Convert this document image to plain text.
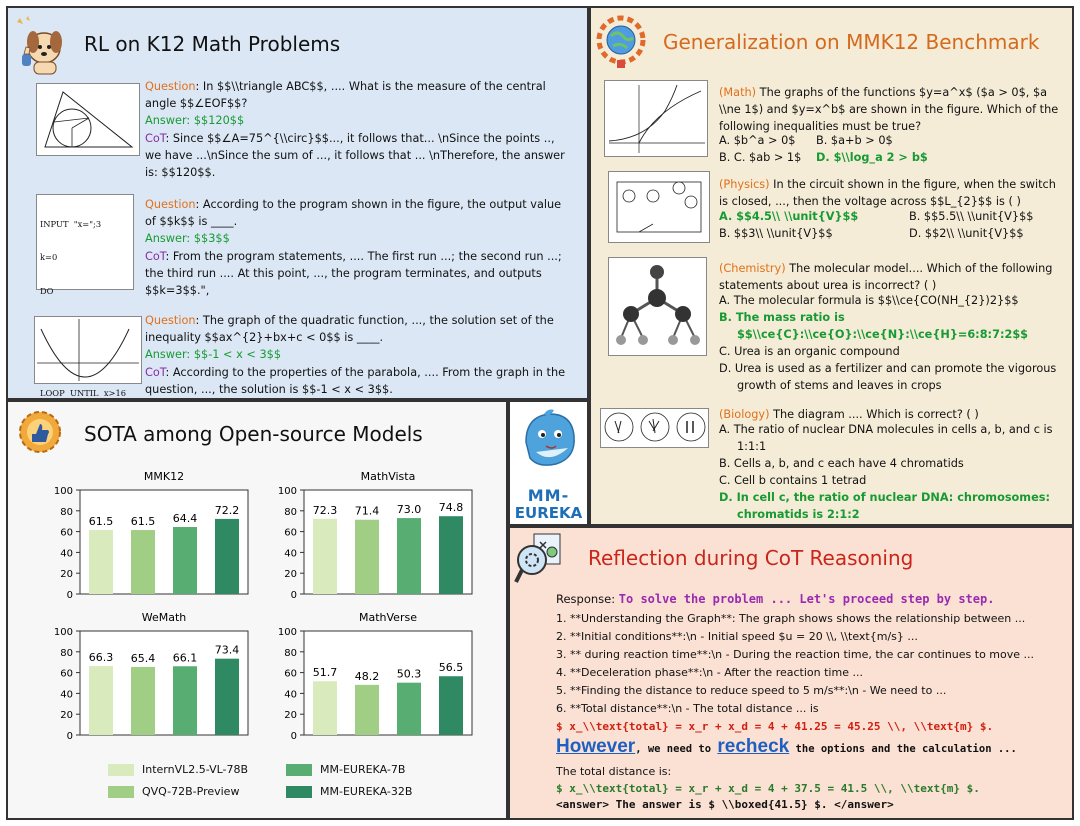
RL on K12 Math Problems

INPUT  "x=";3

k=0

DO

LOOP  UNTIL  x>16

Question: In $$\\triangle ABC$$, .... What is the measure of the central angle $$∠EOF$$?
Answer: $$120$$
CoT: Since $$∠A=75^{\\circ}$$..., it follows that... \nSince the points .., we have ...\nSince the sum of ..., it follows that ... \nTherefore, the answer is: $$120$$.
Question: According to the program shown in the figure, the output value of $$k$$ is ____.
Answer: $$3$$
CoT: From the program statements, .... The first run ...; the second run ...; the third run .... At this point, ..., the program terminates, and outputs $$k=3$$.",
Question: The graph of the quadratic function, ..., the solution set of the inequality $$ax^{2}+bx+c < 0$$ is ____.
Answer: $$-1 < x < 3$$
CoT: According to the properties of the parabola, .... From the graph in the question, ..., the solution is $$-1 < x < 3$$.
Generalization on MMK12 Benchmark
(Math) The graphs of the functions $y=a^x$ ($a > 0$, $a \\ne 1$) and $y=x^b$ are shown in the figure. Which of the following inequalities must be true?
A. $b^a > 0$ B. $a+b > 0$
B. C. $ab > 1$ D. $\\log_a 2 > b$
(Physics) In the circuit shown in the figure, when the switch is closed, ..., then the voltage across $$L_{2}$$ is ( )
A. $$4.5\\ \\unit{V}$$	B. $$5.5\\ \\unit{V}$$
B. $$3\\ \\unit{V}$$	D. $$2\\ \\unit{V}$$
(Chemistry) The molecular model.... Which of the following statements about urea is incorrect? ( )
A. The molecular formula is $$\\ce{CO(NH_{2})2}$$
B. The mass ratio is
$$\\ce{C}:\\ce{O}:\\ce{N}:\\ce{H}=6:8:7:2$$
C. Urea is an organic compound
D. Urea is used as a fertilizer and can promote the vigorous
growth of stems and leaves in crops
(Biology) The diagram .... Which is correct? ( )
A. The ratio of nuclear DNA molecules in cells a, b, and c is
1:1:1
B. Cells a, b, and c each have 4 chromatids
C. Cell b contains 1 tetrad
D. In cell c, the ratio of nuclear DNA: chromosomes:
chromatids is 2:1:2
MM-
EUREKA
SOTA among Open-source Models
MMK12
0
20
40
60
80
100
61.5 61.5 64.4
72.2
MathVista
0
20
40
60
80
100
72.3 71.4 73.0 74.8
WeMath
0
20
40
60
80
100
66.3 65.4 66.1
73.4
MathVerse
0
20
40
60
80
100
51.7 48.2 50.3 56.5
InternVL2.5-VL-78B
QVQ-72B-Preview
MM-EUREKA-7B
MM-EUREKA-32B
Reflection during CoT Reasoning
Response: To solve the problem ... Let's proceed step by step.
1. **Understanding the Graph**: The graph shows shows the relationship between ...
2. **Initial conditions**:\n - Initial speed $u = 20 \\, \\text{m/s} ...
3. ** during reaction time**:\n - During the reaction time, the car continues to move ...
4. **Deceleration phase**:\n - After the reaction time ...
5. **Finding the distance to reduce speed to 5 m/s**:\n - We need to ...
6. **Total distance**:\n - The total distance ... is
$ x_\\text{total} = x_r + x_d = 4 + 41.25 = 45.25 \\, \\text{m} $.
However, we need to recheck the options and the calculation ...
The total distance is:
$ x_\\text{total} = x_r + x_d = 4 + 37.5 = 41.5 \\, \\text{m} $.
<answer> The answer is $ \\boxed{41.5} $. </answer>
